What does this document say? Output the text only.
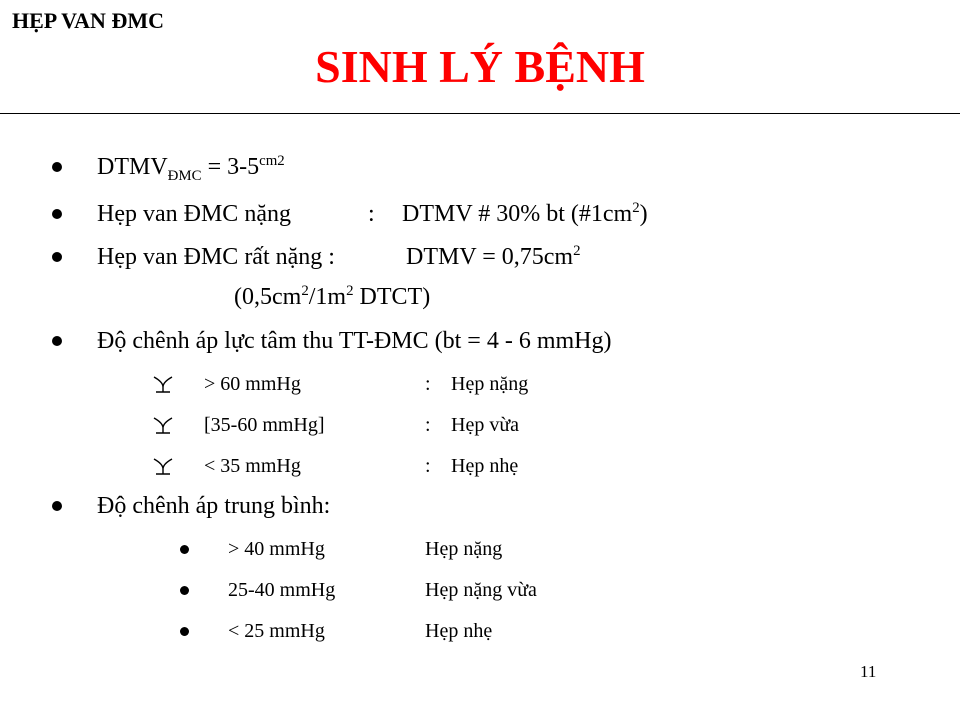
HẸP VAN ĐMC
SINH LÝ BỆNH
$DTMV_{ĐMC} = 3-5^{cm2}$
Hẹp van ĐMC nặng	: DTMV # 30% bt $(\#1cm^2)$
Hẹp van ĐMC rất nặng :	DTMV = $0,75cm^2$
($0,5cm^2/1m^2$ DTCT)
Độ chênh áp lực tâm thu TT-ĐMC (bt = 4 - 6 mmHg)
> 60 mmHg	: Hẹp nặng
[35-60 mmHg]	: Hẹp vừa
< 35 mmHg	: Hẹp nhẹ
Độ chênh áp trung bình:
> 40 mmHg	Hẹp nặng
25-40 mmHg	Hẹp nặng vừa
< 25 mmHg	Hẹp nhẹ
11
